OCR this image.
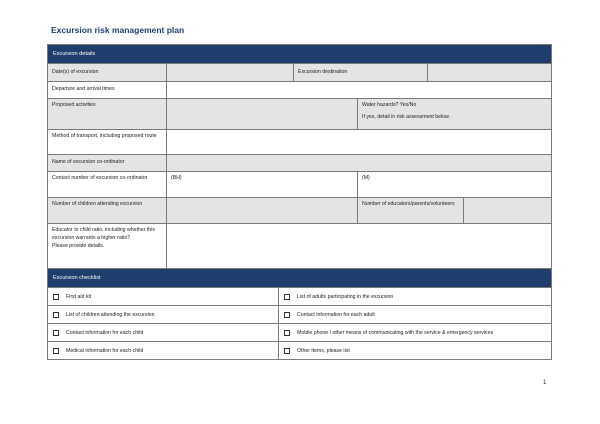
Excursion risk management plan
Excursion details
Date(s) of excursion	Excursion destination
Departure and arrival times
Proposed activities	Water hazards? Yes/No
If yes, detail in risk assessment below.
Method of transport, including proposed route
Name of excursion co-ordinator
Contact number of excursion co-ordinator	(BH)	(M)
Number of children attending excursion	Number of educators/parents/volunteers
Educator to child ratio, including whether this excursion warrants a higher ratio?
Please provide details.
Excursion checklist
First aid kit	List of adults participating in the excursion
List of children attending the excursion	Contact information for each adult
Contact information for each child	Mobile phone / other means of communicating with the service & emergency services
Medical information for each child	Other items, please list
1
